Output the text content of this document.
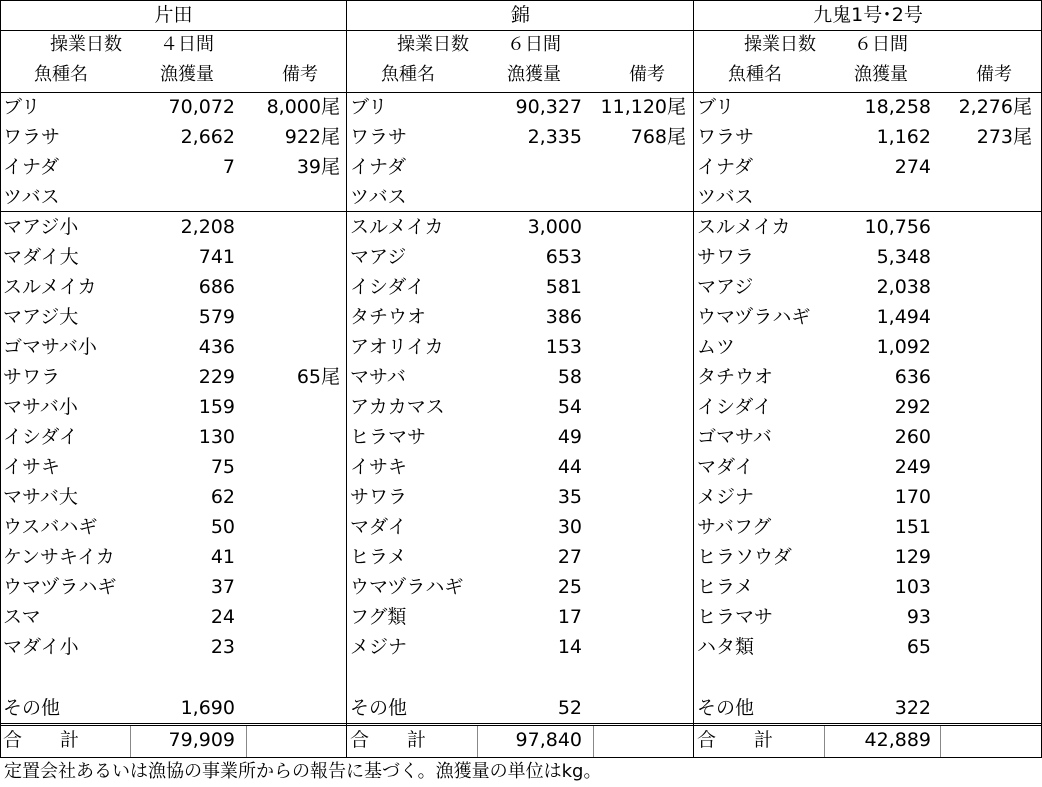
片田
操業日数 ４日間
魚種名	漁獲量	備考
ブリ	70,072 8,000尾
ワラサ	2,662	922尾
イナダ	7	39尾
ツバス
マアジ小	2,208
マダイ大	741
スルメイカ	686
マアジ大	579
ゴマサバ小	436
サワラ	229	65尾
マサバ小	159
イシダイ	130
イサキ	75
マサバ大	62
ウスバハギ	50
ケンサキイカ	41
ウマヅラハギ	37
スマ	24
マダイ小	23
その他	1,690
合　　計	79,909
錦
操業日数 ６日間
魚種名	漁獲量	備考
ブリ	90,327 11,120尾
ワラサ	2,335	768尾
イナダ
ツバス
スルメイカ	3,000
マアジ	653
イシダイ	581
タチウオ	386
アオリイカ	153
マサバ	58
アカカマス	54
ヒラマサ	49
イサキ	44
サワラ	35
マダイ	30
ヒラメ	27
ウマヅラハギ	25
フグ類	17
メジナ	14
その他	52
合　　計	97,840
九鬼1号･2号
操業日数 ６日間
魚種名	漁獲量	備考
ブリ	18,258 2,276尾
ワラサ	1,162 273尾
イナダ	274
ツバス
スルメイカ	10,756
サワラ	5,348
マアジ	2,038
ウマヅラハギ	1,494
ムツ	1,092
タチウオ	636
イシダイ	292
ゴマサバ	260
マダイ	249
メジナ	170
サバフグ	151
ヒラソウダ	129
ヒラメ	103
ヒラマサ	93
ハタ類	65
その他	322
合　　計	42,889
定置会社あるいは漁協の事業所からの報告に基づく。漁獲量の単位はkg。
